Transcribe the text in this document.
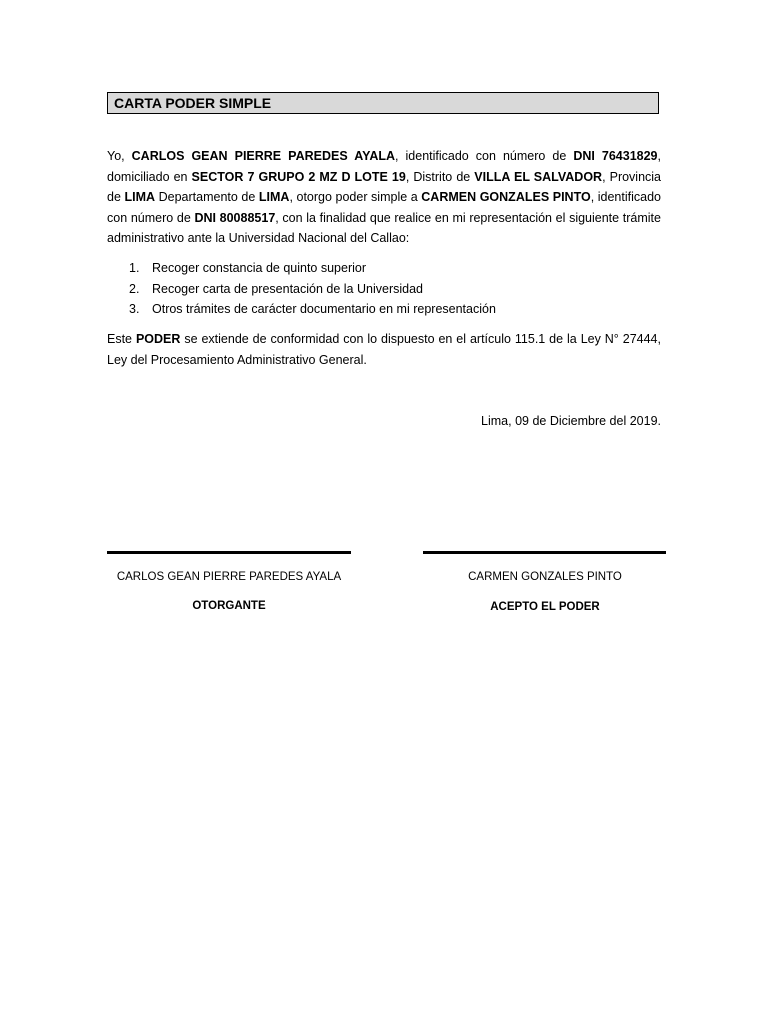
CARTA PODER SIMPLE
Yo, CARLOS GEAN PIERRE PAREDES AYALA, identificado con número de DNI 76431829, domiciliado en SECTOR 7 GRUPO 2 MZ D LOTE 19, Distrito de VILLA EL SALVADOR, Provincia de LIMA Departamento de LIMA, otorgo poder simple a CARMEN GONZALES PINTO, identificado con número de DNI 80088517, con la finalidad que realice en mi representación el siguiente trámite administrativo ante la Universidad Nacional del Callao:
1. Recoger constancia de quinto superior
2. Recoger carta de presentación de la Universidad
3. Otros trámites de carácter documentario en mi representación
Este PODER se extiende de conformidad con lo dispuesto en el artículo 115.1 de la Ley N° 27444, Ley del Procesamiento Administrativo General.
Lima, 09 de Diciembre del 2019.
CARLOS GEAN PIERRE PAREDES AYALA
OTORGANTE
CARMEN GONZALES PINTO
ACEPTO EL PODER
